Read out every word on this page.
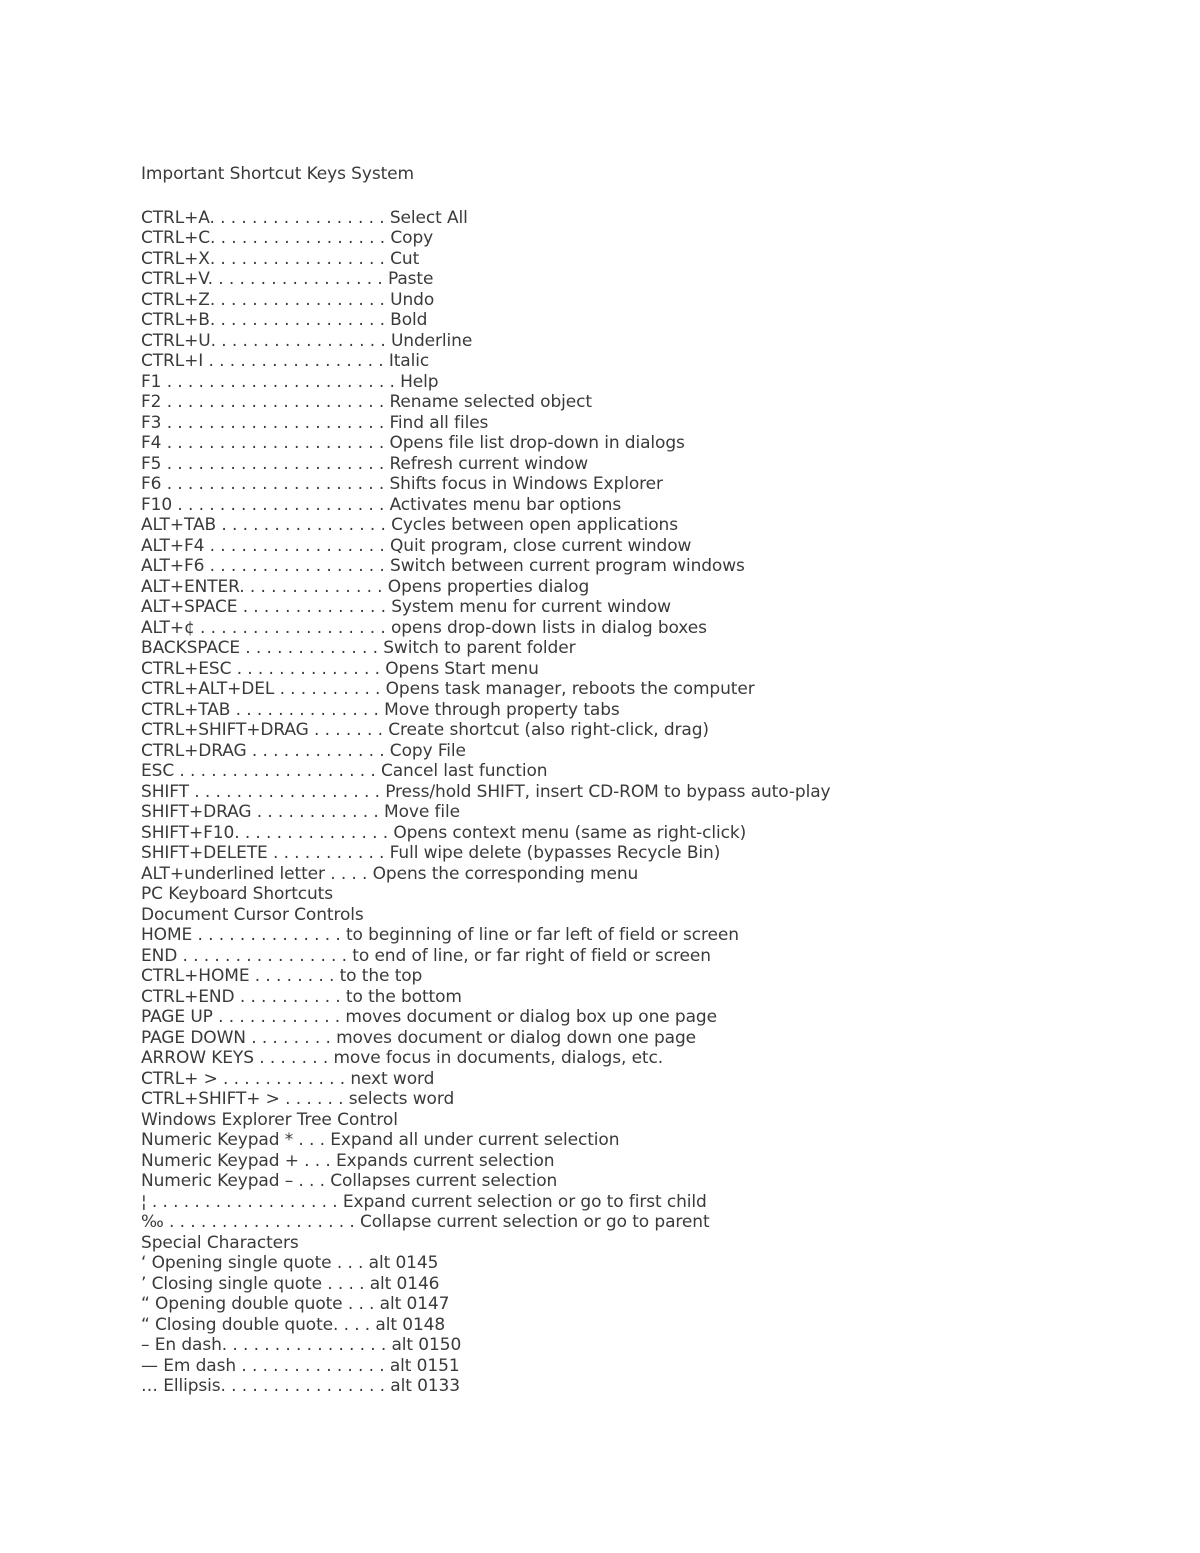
Important Shortcut Keys System
CTRL+A. . . . . . . . . . . . . . . . . Select All
CTRL+C. . . . . . . . . . . . . . . . . Copy
CTRL+X. . . . . . . . . . . . . . . . . Cut
CTRL+V. . . . . . . . . . . . . . . . . Paste
CTRL+Z. . . . . . . . . . . . . . . . . Undo
CTRL+B. . . . . . . . . . . . . . . . . Bold
CTRL+U. . . . . . . . . . . . . . . . . Underline
CTRL+I . . . . . . . . . . . . . . . . . Italic
F1 . . . . . . . . . . . . . . . . . . . . . . Help
F2 . . . . . . . . . . . . . . . . . . . . . Rename selected object
F3 . . . . . . . . . . . . . . . . . . . . . Find all files
F4 . . . . . . . . . . . . . . . . . . . . . Opens file list drop-down in dialogs
F5 . . . . . . . . . . . . . . . . . . . . . Refresh current window
F6 . . . . . . . . . . . . . . . . . . . . . Shifts focus in Windows Explorer
F10 . . . . . . . . . . . . . . . . . . . . Activates menu bar options
ALT+TAB . . . . . . . . . . . . . . . . Cycles between open applications
ALT+F4 . . . . . . . . . . . . . . . . . Quit program, close current window
ALT+F6 . . . . . . . . . . . . . . . . . Switch between current program windows
ALT+ENTER. . . . . . . . . . . . . . Opens properties dialog
ALT+SPACE . . . . . . . . . . . . . . System menu for current window
ALT+¢ . . . . . . . . . . . . . . . . . . opens drop-down lists in dialog boxes
BACKSPACE . . . . . . . . . . . . . Switch to parent folder
CTRL+ESC . . . . . . . . . . . . . . Opens Start menu
CTRL+ALT+DEL . . . . . . . . . . Opens task manager, reboots the computer
CTRL+TAB . . . . . . . . . . . . . . Move through property tabs
CTRL+SHIFT+DRAG . . . . . . . Create shortcut (also right-click, drag)
CTRL+DRAG . . . . . . . . . . . . . Copy File
ESC . . . . . . . . . . . . . . . . . . . Cancel last function
SHIFT . . . . . . . . . . . . . . . . . . Press/hold SHIFT, insert CD-ROM to bypass auto-play
SHIFT+DRAG . . . . . . . . . . . . Move file
SHIFT+F10. . . . . . . . . . . . . . . Opens context menu (same as right-click)
SHIFT+DELETE . . . . . . . . . . . Full wipe delete (bypasses Recycle Bin)
ALT+underlined letter . . . . Opens the corresponding menu
PC Keyboard Shortcuts
Document Cursor Controls
HOME . . . . . . . . . . . . . . to beginning of line or far left of field or screen
END . . . . . . . . . . . . . . . . to end of line, or far right of field or screen
CTRL+HOME . . . . . . . . to the top
CTRL+END . . . . . . . . . . to the bottom
PAGE UP . . . . . . . . . . . . moves document or dialog box up one page
PAGE DOWN . . . . . . . . moves document or dialog down one page
ARROW KEYS . . . . . . . move focus in documents, dialogs, etc.
CTRL+ > . . . . . . . . . . . . next word
CTRL+SHIFT+ > . . . . . . selects word
Windows Explorer Tree Control
Numeric Keypad * . . . Expand all under current selection
Numeric Keypad + . . . Expands current selection
Numeric Keypad – . . . Collapses current selection
¦ . . . . . . . . . . . . . . . . . . Expand current selection or go to first child
‰ . . . . . . . . . . . . . . . . . . Collapse current selection or go to parent
Special Characters
‘ Opening single quote . . . alt 0145
’ Closing single quote . . . . alt 0146
“ Opening double quote . . . alt 0147
“ Closing double quote. . . . alt 0148
– En dash. . . . . . . . . . . . . . . . alt 0150
— Em dash . . . . . . . . . . . . . . alt 0151
… Ellipsis. . . . . . . . . . . . . . . . alt 0133
